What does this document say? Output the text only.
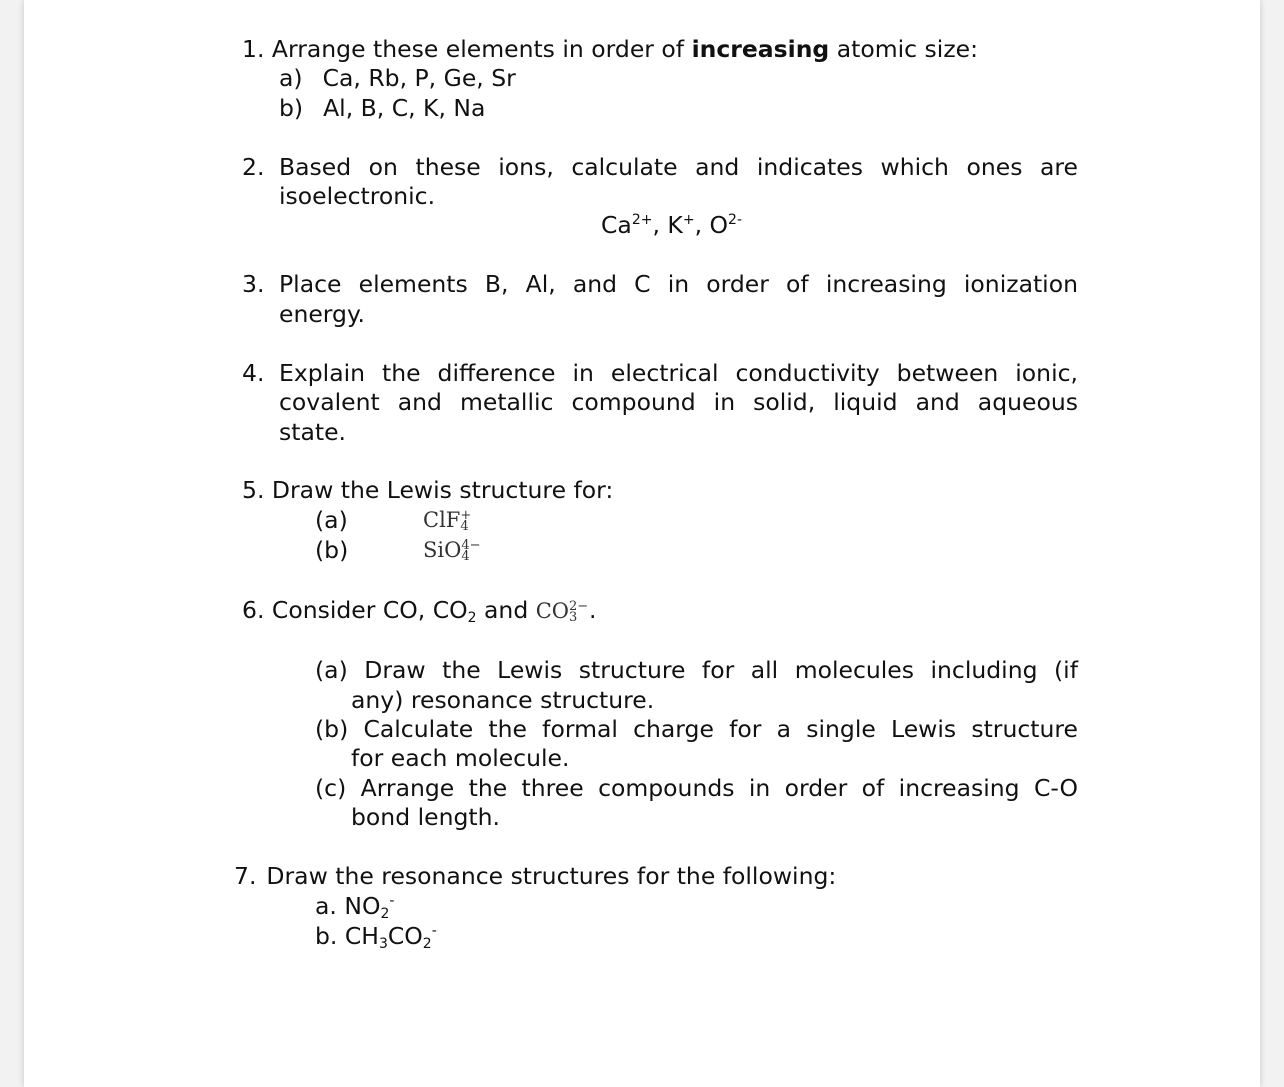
1. Arrange these elements in order of increasing atomic size:
a) Ca, Rb, P, Ge, Sr
b) Al, B, C, K, Na
2. Based on these ions, calculate and indicates which ones are
isoelectronic.
$Ca^{2+}$, K+, $O^{2-}$
3. Place elements B, Al, and C in order of increasing ionization
energy.
4. Explain the difference in electrical conductivity between ionic,
covalent and metallic compound in solid, liquid and aqueous
state.
5. Draw the Lewis structure for:
(a)	ClF +
4
(b)	SiO 4−
4
6. Consider CO, $CO_2$ and CO 2−
3 .
(a) Draw the Lewis structure for all molecules including (if
any) resonance structure.
(b) Calculate the formal charge for a single Lewis structure
for each molecule.
(c) Arrange the three compounds in order of increasing C-O
bond length.
7. Draw the resonance structures for the following:
a. $NO_2^-$
b. $CH_3CO_2^-$
